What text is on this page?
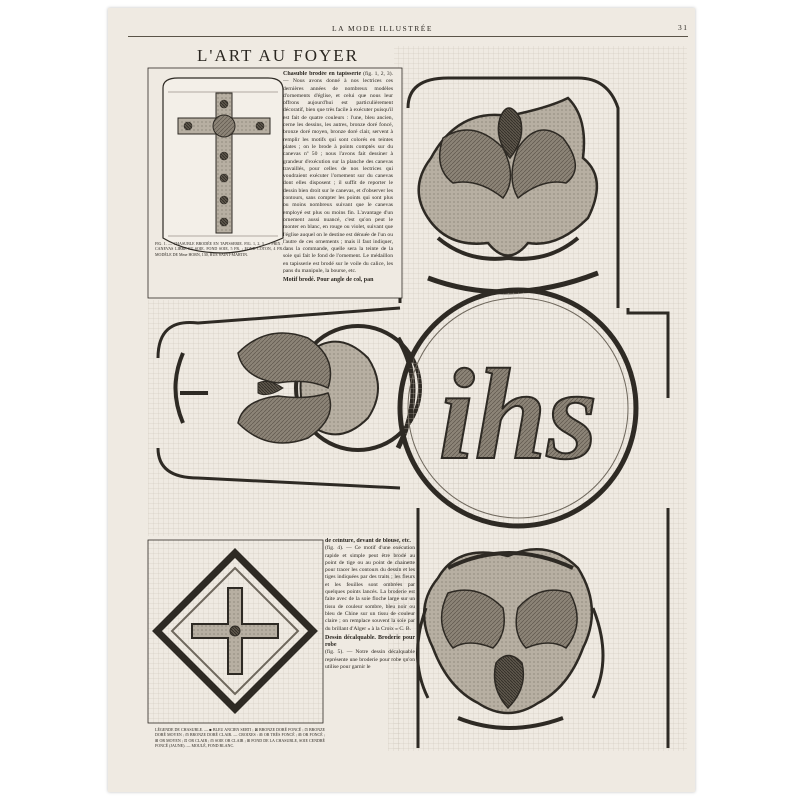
ihs
LA MODE ILLUSTRÉE	31
L'ART AU FOYER
Chasuble brodée en tapisserie (fig. 1, 2, 3). — Nous avons donné à nos lectrices ces dernières années de nombreux modèles d'ornements d'église, et celui que nous leur offrons aujourd'hui est particulièrement décoratif, bien que très facile à exécuter puisqu'il est fait de quatre couleurs : l'une, bleu ancien, cerne les dessins, les autres, bronze doré foncé, bronze doré moyen, bronze doré clair, servent à remplir les motifs qui sont colorés en teintes plates ; on le brode à points comptés sur du canevas nº 50 ; nous l'avons fait dessiner à grandeur d'exécution sur la planche des canevas travaillés, pour celles de nos lectrices qui voudraient exécuter l'ornement sur du canevas dont elles disposent ; il suffit de reporter le dessin bien droit sur le canevas, et d'observer les contours, sans compter les points qui sont plus ou moins nombreux suivant que le canevas employé est plus ou moins fin. L'avantage d'un ornement aussi nuancé, c'est qu'on peut le monter en blanc, en rouge ou violet, suivant que l'église auquel on le destine est dénuée de l'un ou l'autre de ces ornements ; mais il faut indiquer, dans la commande, quelle sera la teinte de la soie qui fait le fond de l'ornement. Le médaillon en tapisserie est brodé sur le voile du calice, les pans du manipule, la bourse, etc.
Motif brodé. Pour angle de col, pan
FIG. 1. — CHASUBLE BRODÉE EN TAPISSERIE. FIG. 1, 2, 3. — PRIX : CANEVAS LIBRE ET SOIE, FOND SOIE, 5 FR. ; FOND COTON, 4 FR. MODÈLE DE Mme HORN, 130, RUE SAINT-MARTIN.
de ceinture, devant de blouse, etc.
(fig. 4). — Ce motif d'une exécution rapide et simple peut être brodé au point de tige ou au point de chainette pour tracer les contours du dessin et les tiges indiquées par des traits ; les fleurs et les feuilles sont ombrées par quelques points lancés. La broderie est faite avec de la soie floche large sur un tissu de couleur sombre, bleu noir ou bleu de Chine sur un tissu de couleur claire ; on remplace souvent la soie par du brillant d'Alger « à la Croix » C. B.
Dessin décalquable. Broderie pour robe
(fig. 5). — Notre dessin décalquable représente une broderie pour robe qu'on utilise pour garnir le
LÉGENDE DE CHASUBLE. — ■ BLEU ANCIEN SERTI ; ⊠ BRONZE DORÉ FONCÉ ; ⊡ BRONZE DORÉ MOYEN ; ⊟ BRONZE DORÉ CLAIR. — CROIXES : ⊞ OR TRÈS FONCÉ ; ⊞ OR FONCÉ ; ⊞ OR MOYEN ; ⊡ OR CLAIR ; ⊟ SOIE OR CLAIR ; ⊞ FOND DE LA CHASUBLE, SOIE CENDRÉ FONCÉ (JAUNE). — MOULÉ, FOND BLANC.
